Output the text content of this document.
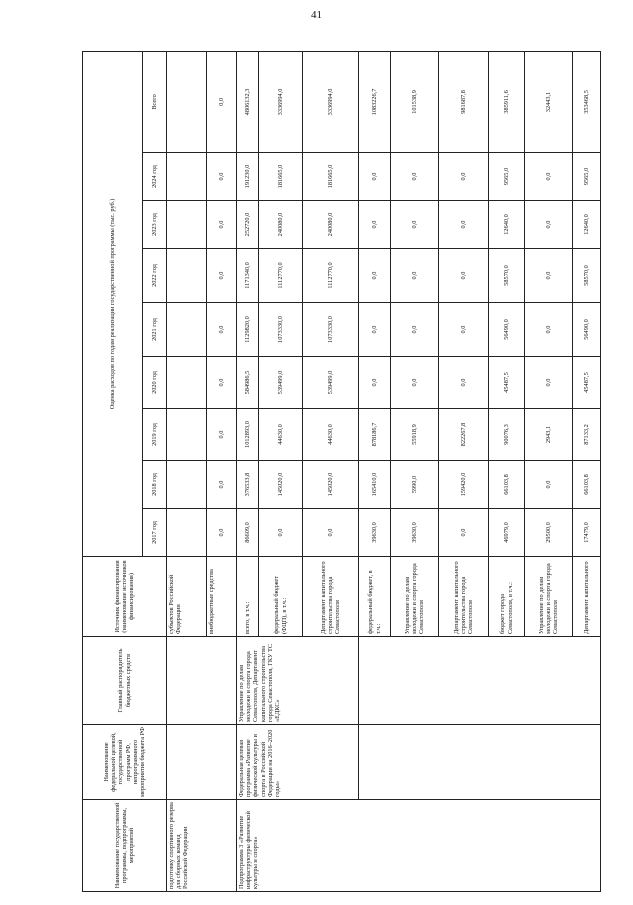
41
Наименование государственной программы, подпрограммы, мероприятий	Наименование федеральной целевой, государственной программ РФ, непрограммного мероприятия бюджета РФ	Главный распорядитель бюджетных средств	Источник финансирования (наименование источников финансирования)	Оценка расходов по годам реализации государственной программы (тыс. руб.)								
				2017 год	2018 год	2019 год	2020 год	2021 год	2022 год	2023 год	2024 год	Всего
подготовку спортивного резерва для сборных команд Российской Федерации			субъектов Российской Федерации									
			внебюджетные средства	0,0	0,0	0,0	0,0	0,0	0,0	0,0	0,0	0,0
Подпрограмма 3 «Развитие инфраструктуры физической культуры и спорта»	Федеральная целевая программа «Развитие физической культуры и спорта в Российской Федерации на 2016–2020 годы»	Управление по делам молодежи и спорта города Севастополя, Департамент капитального строительства города Севастополя, ГКУ ТС «ЕДКС»	всего, в т.ч.:	86609,0	376533,8	1012893,0	584986,5	1129820,0	1171340,0	252720,0	191230,0	4806132,3
			федеральный бюджет (ФЦП), в т.ч.:	0,0	145020,0	44630,0	539499,0	1073330,0	1112770,0	240080,0	181665,0	3336994,0
			Департамент капитального строительства города Севастополя	0,0	145020,0	44630,0	539499,0	1073330,0	1112770,0	240080,0	181665,0	3336994,0
			федеральный бюджет, в т.ч.:	39630,0	165410,0	878186,7	0,0	0,0	0,0	0,0	0,0	1083226,7
			Управление по делам молодежи и спорта города Севастополя	39630,0	5990,0	55918,9	0,0	0,0	0,0	0,0	0,0	101538,9
			Департамент капитального строительства города Севастополя	0,0	159420,0	822267,8	0,0	0,0	0,0	0,0	0,0	981687,8
			бюджет города Севастополя, в т.ч.:	46979,0	66103,8	90076,3	45487,5	56490,0	58570,0	12640,0	9565,0	385911,6
			Управление по делам молодежи и спорта города Севастополя	29500,0	0,0	2943,1	0,0	0,0	0,0	0,0	0,0	32443,1
			Департамент капитального	17479,0	66103,8	87133,2	45487,5	56490,0	58570,0	12640,0	9565,0	353468,5
